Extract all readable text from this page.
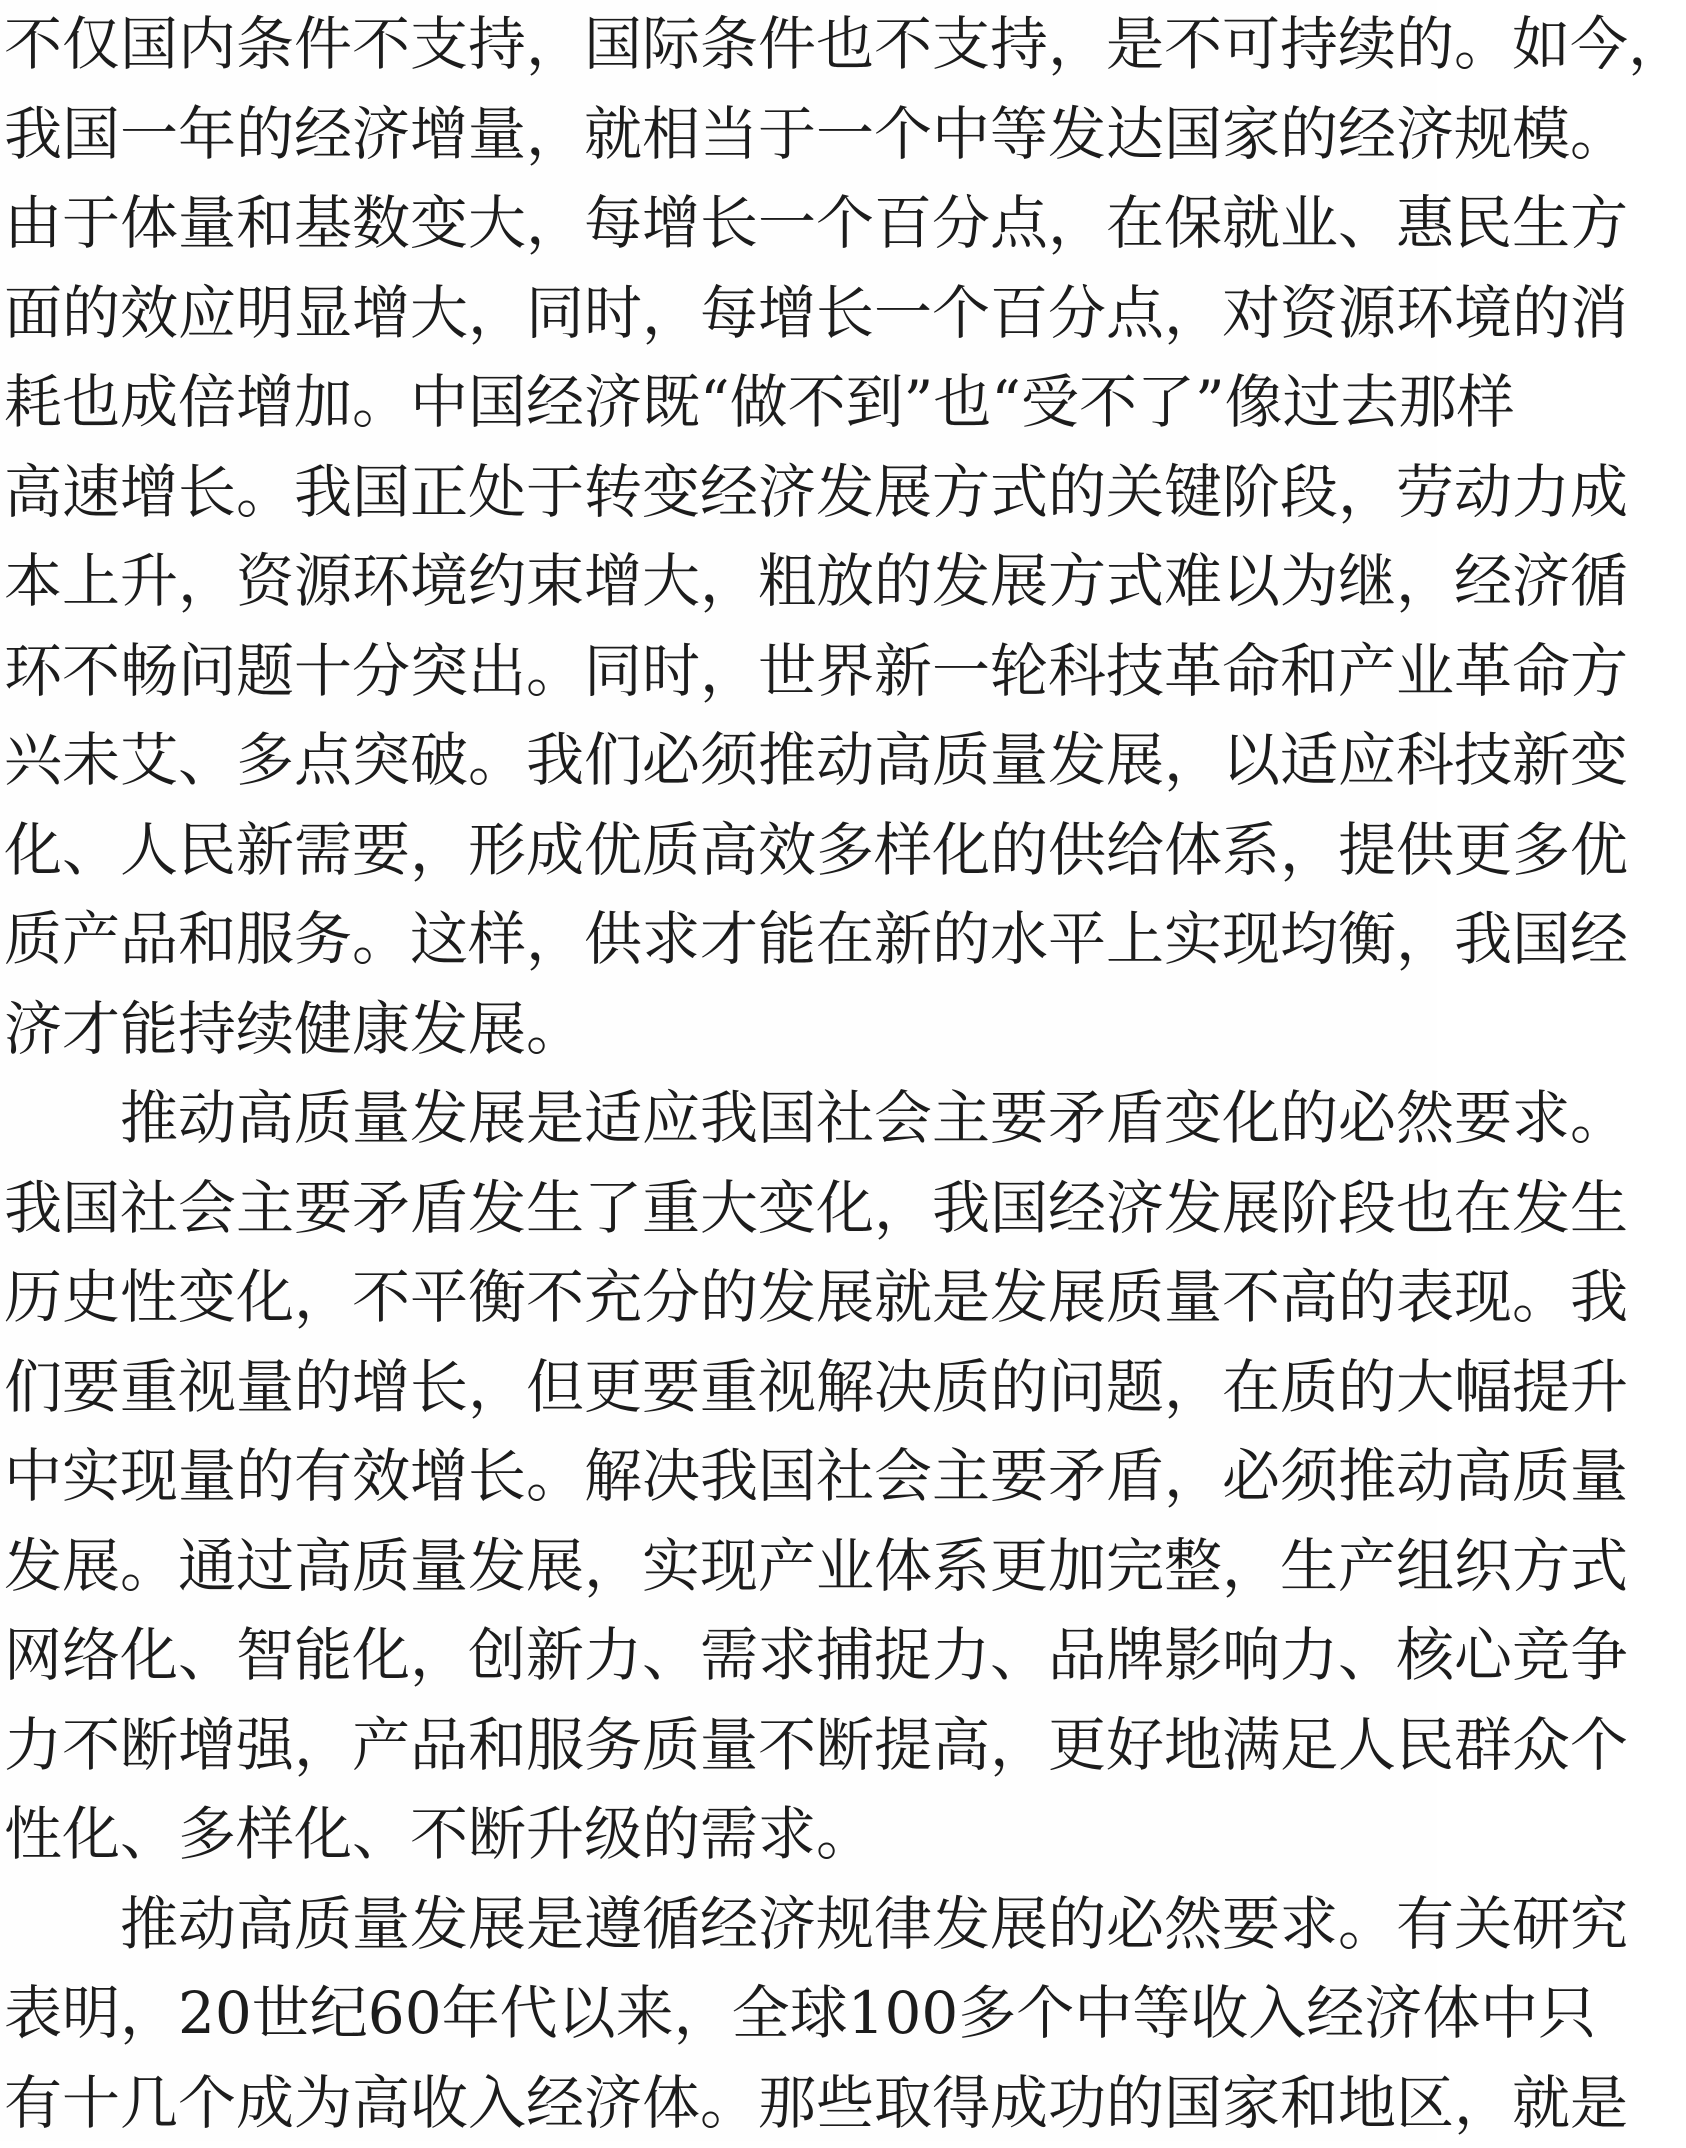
不仅国内条件不支持，国际条件也不支持，是不可持续的。如今，
我国一年的经济增量，就相当于一个中等发达国家的经济规模。
由于体量和基数变大，每增长一个百分点，在保就业、惠民生方
面的效应明显增大，同时，每增长一个百分点，对资源环境的消
耗也成倍增加。中国经济既“做不到”也“受不了”像过去那样
高速增长。我国正处于转变经济发展方式的关键阶段，劳动力成
本上升，资源环境约束增大，粗放的发展方式难以为继，经济循
环不畅问题十分突出。同时，世界新一轮科技革命和产业革命方
兴未艾、多点突破。我们必须推动高质量发展，以适应科技新变
化、人民新需要，形成优质高效多样化的供给体系，提供更多优
质产品和服务。这样，供求才能在新的水平上实现均衡，我国经
济才能持续健康发展。
推动高质量发展是适应我国社会主要矛盾变化的必然要求。
我国社会主要矛盾发生了重大变化，我国经济发展阶段也在发生
历史性变化，不平衡不充分的发展就是发展质量不高的表现。我
们要重视量的增长，但更要重视解决质的问题，在质的大幅提升
中实现量的有效增长。解决我国社会主要矛盾，必须推动高质量
发展。通过高质量发展，实现产业体系更加完整，生产组织方式
网络化、智能化，创新力、需求捕捉力、品牌影响力、核心竞争
力不断增强，产品和服务质量不断提高，更好地满足人民群众个
性化、多样化、不断升级的需求。
推动高质量发展是遵循经济规律发展的必然要求。有关研究
表明，20世纪60年代以来，全球100多个中等收入经济体中只
有十几个成为高收入经济体。那些取得成功的国家和地区，就是
